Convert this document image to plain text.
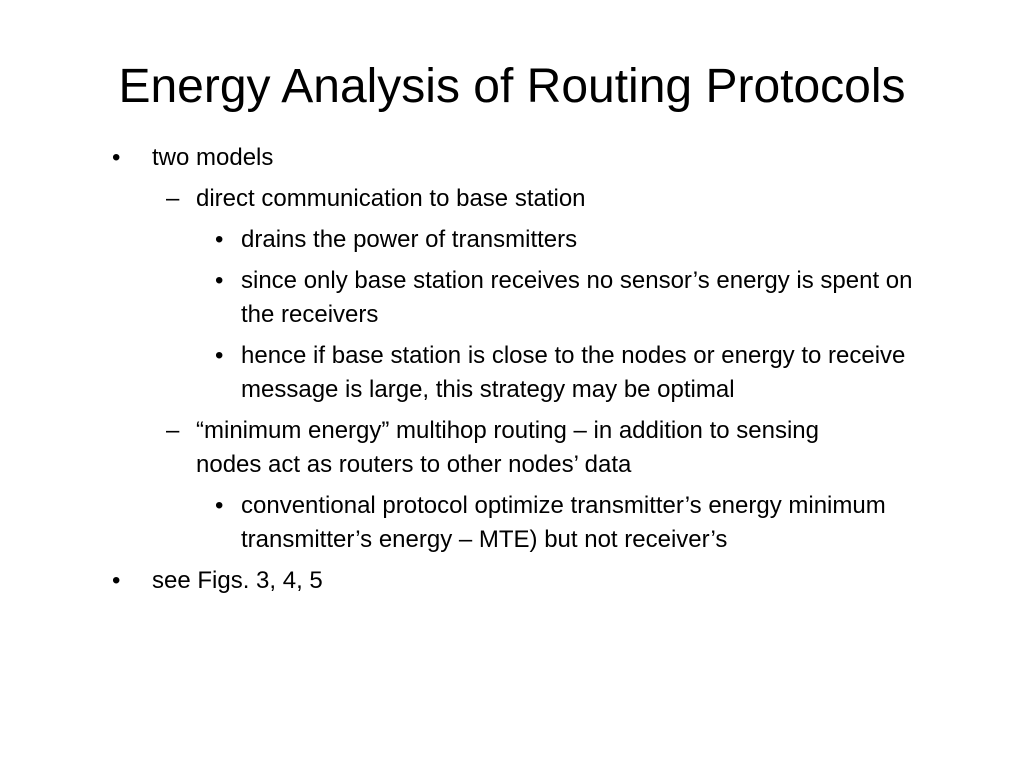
Energy Analysis of Routing Protocols
• two models
– direct communication to base station
• drains the power of transmitters
• since only base station receives no sensor’s energy is spent on the receivers
• hence if base station is close to the nodes or energy to receive message is large, this strategy may be optimal
– “minimum energy” multihop routing – in addition to sensing nodes act as routers to other nodes’ data
• conventional protocol optimize transmitter’s energy minimum transmitter’s energy – MTE) but not receiver’s
• see Figs. 3, 4, 5
